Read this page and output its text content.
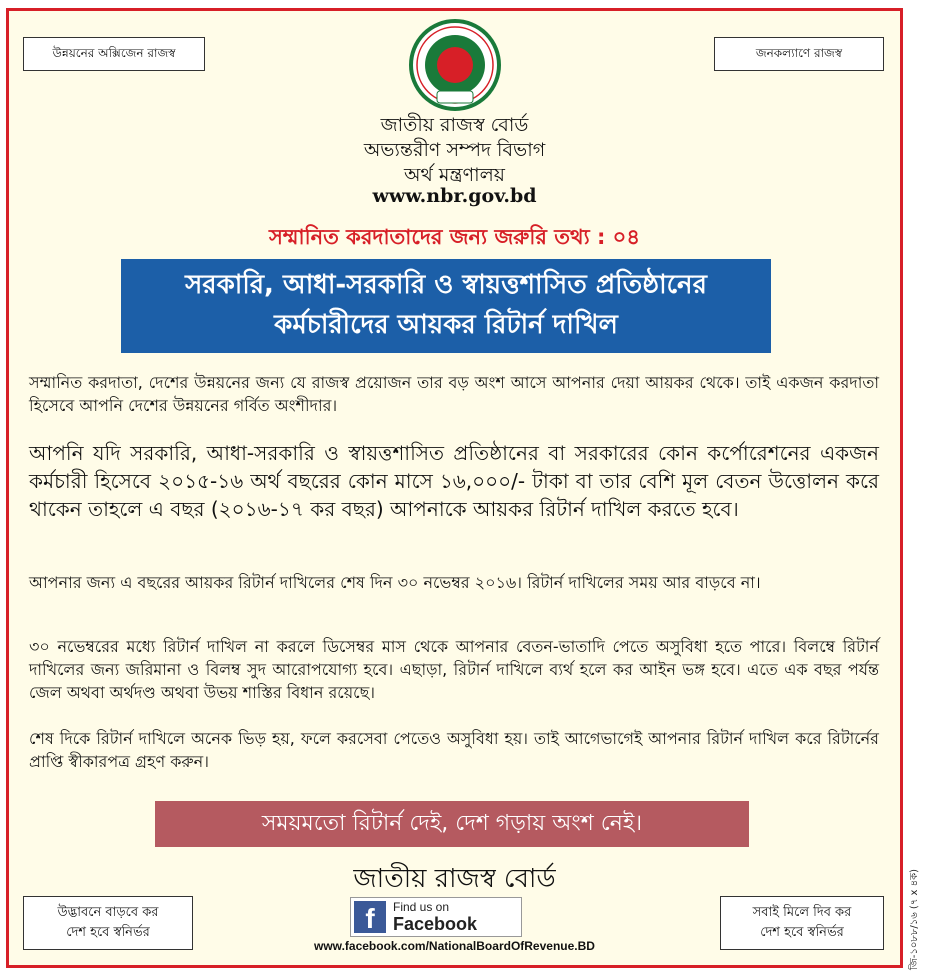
উন্নয়নের অক্সিজেন রাজস্ব	জনকল্যাণে রাজস্ব
জাতীয় রাজস্ব বোর্ড
অভ্যন্তরীণ সম্পদ বিভাগ
অর্থ মন্ত্রণালয়
www.nbr.gov.bd
সম্মানিত করদাতাদের জন্য জরুরি তথ্য : ০৪
সরকারি, আধা-সরকারি ও স্বায়ত্তশাসিত প্রতিষ্ঠানের
কর্মচারীদের আয়কর রিটার্ন দাখিল
সম্মানিত করদাতা, দেশের উন্নয়নের জন্য যে রাজস্ব প্রয়োজন তার বড় অংশ আসে আপনার দেয়া আয়কর থেকে। তাই একজন করদাতা হিসেবে আপনি দেশের উন্নয়নের গর্বিত অংশীদার।
আপনি যদি সরকারি, আধা-সরকারি ও স্বায়ত্তশাসিত প্রতিষ্ঠানের বা সরকারের কোন কর্পোরেশনের একজন কর্মচারী হিসেবে ২০১৫-১৬ অর্থ বছরের কোন মাসে ১৬,০০০/- টাকা বা তার বেশি মূল বেতন উত্তোলন করে থাকেন তাহলে এ বছর (২০১৬-১৭ কর বছর) আপনাকে আয়কর রিটার্ন দাখিল করতে হবে।
আপনার জন্য এ বছরের আয়কর রিটার্ন দাখিলের শেষ দিন ৩০ নভেম্বর ২০১৬। রিটার্ন দাখিলের সময় আর বাড়বে না।
৩০ নভেম্বরের মধ্যে রিটার্ন দাখিল না করলে ডিসেম্বর মাস থেকে আপনার বেতন-ভাতাদি পেতে অসুবিধা হতে পারে। বিলম্বে রিটার্ন দাখিলের জন্য জরিমানা ও বিলম্ব সুদ আরোপযোগ্য হবে। এছাড়া, রিটার্ন দাখিলে ব্যর্থ হলে কর আইন ভঙ্গ হবে। এতে এক বছর পর্যন্ত জেল অথবা অর্থদণ্ড অথবা উভয় শাস্তির বিধান রয়েছে।
শেষ দিকে রিটার্ন দাখিলে অনেক ভিড় হয়, ফলে করসেবা পেতেও অসুবিধা হয়। তাই আগেভাগেই আপনার রিটার্ন দাখিল করে রিটার্নের প্রাপ্তি স্বীকারপত্র গ্রহণ করুন।
সময়মতো রিটার্ন দেই, দেশ গড়ায় অংশ নেই।
জাতীয় রাজস্ব বোর্ড
উদ্ভাবনে বাড়বে কর
দেশ হবে স্বনির্ভর	f	Find us on
Facebook
www.facebook.com/NationalBoardOfRevenue.BD
সবাই মিলে দিব কর
দেশ হবে স্বনির্ভর	জি-১০৮৮/১৬ (৭ x ৪ক)
